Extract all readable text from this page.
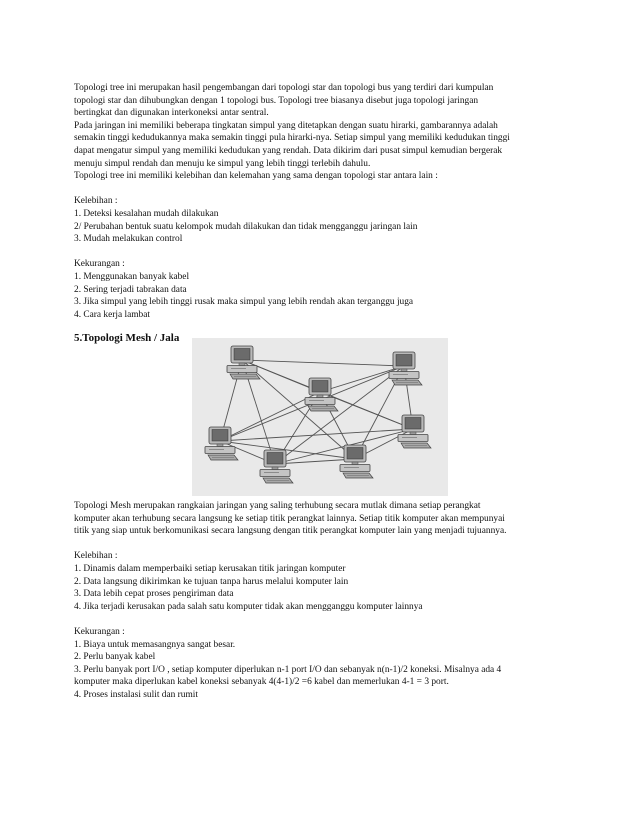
Topologi tree ini merupakan hasil pengembangan dari topologi star dan topologi bus yang terdiri dari kumpulan

topologi star dan dihubungkan dengan 1 topologi bus. Topologi tree biasanya disebut juga topologi jaringan

bertingkat dan digunakan interkoneksi antar sentral.

Pada jaringan ini memiliki beberapa tingkatan simpul yang ditetapkan dengan suatu hirarki, gambarannya adalah

semakin tinggi kedudukannya maka semakin tinggi pula hirarki-nya. Setiap simpul yang memiliki kedudukan tinggi

dapat mengatur simpul yang memiliki kedudukan yang rendah. Data dikirim dari pusat simpul kemudian bergerak

menuju simpul rendah dan menuju ke simpul yang lebih tinggi terlebih dahulu.

Topologi tree ini memiliki kelebihan dan kelemahan yang sama dengan topologi star antara lain :

Kelebihan :

1. Deteksi kesalahan mudah dilakukan

2/ Perubahan bentuk suatu kelompok mudah dilakukan dan tidak mengganggu jaringan lain

3. Mudah melakukan control

Kekurangan :

1. Menggunakan banyak kabel

2. Sering terjadi tabrakan data

3. Jika simpul yang lebih tinggi rusak maka simpul yang lebih rendah akan terganggu juga

4. Cara kerja lambat

5.Topologi Mesh / Jala

Topologi Mesh merupakan rangkaian jaringan yang saling terhubung secara mutlak dimana setiap perangkat

komputer akan terhubung secara langsung ke setiap titik perangkat lainnya. Setiap titik komputer akan mempunyai

titik yang siap untuk berkomunikasi secara langsung dengan titik perangkat komputer lain yang menjadi tujuannya.

Kelebihan :

1. Dinamis dalam memperbaiki setiap kerusakan titik jaringan komputer

2. Data langsung dikirimkan ke tujuan tanpa harus melalui komputer lain

3. Data lebih cepat proses pengiriman data

4. Jika terjadi kerusakan pada salah satu komputer tidak akan mengganggu komputer lainnya

Kekurangan :

1. Biaya untuk memasangnya sangat besar.

2. Perlu banyak kabel

3. Perlu banyak port I/O , setiap komputer diperlukan n-1 port I/O dan sebanyak n(n-1)/2 koneksi. Misalnya ada 4

komputer maka diperlukan kabel koneksi sebanyak 4(4-1)/2 =6 kabel dan memerlukan 4-1 = 3 port.

4. Proses instalasi sulit dan rumit
